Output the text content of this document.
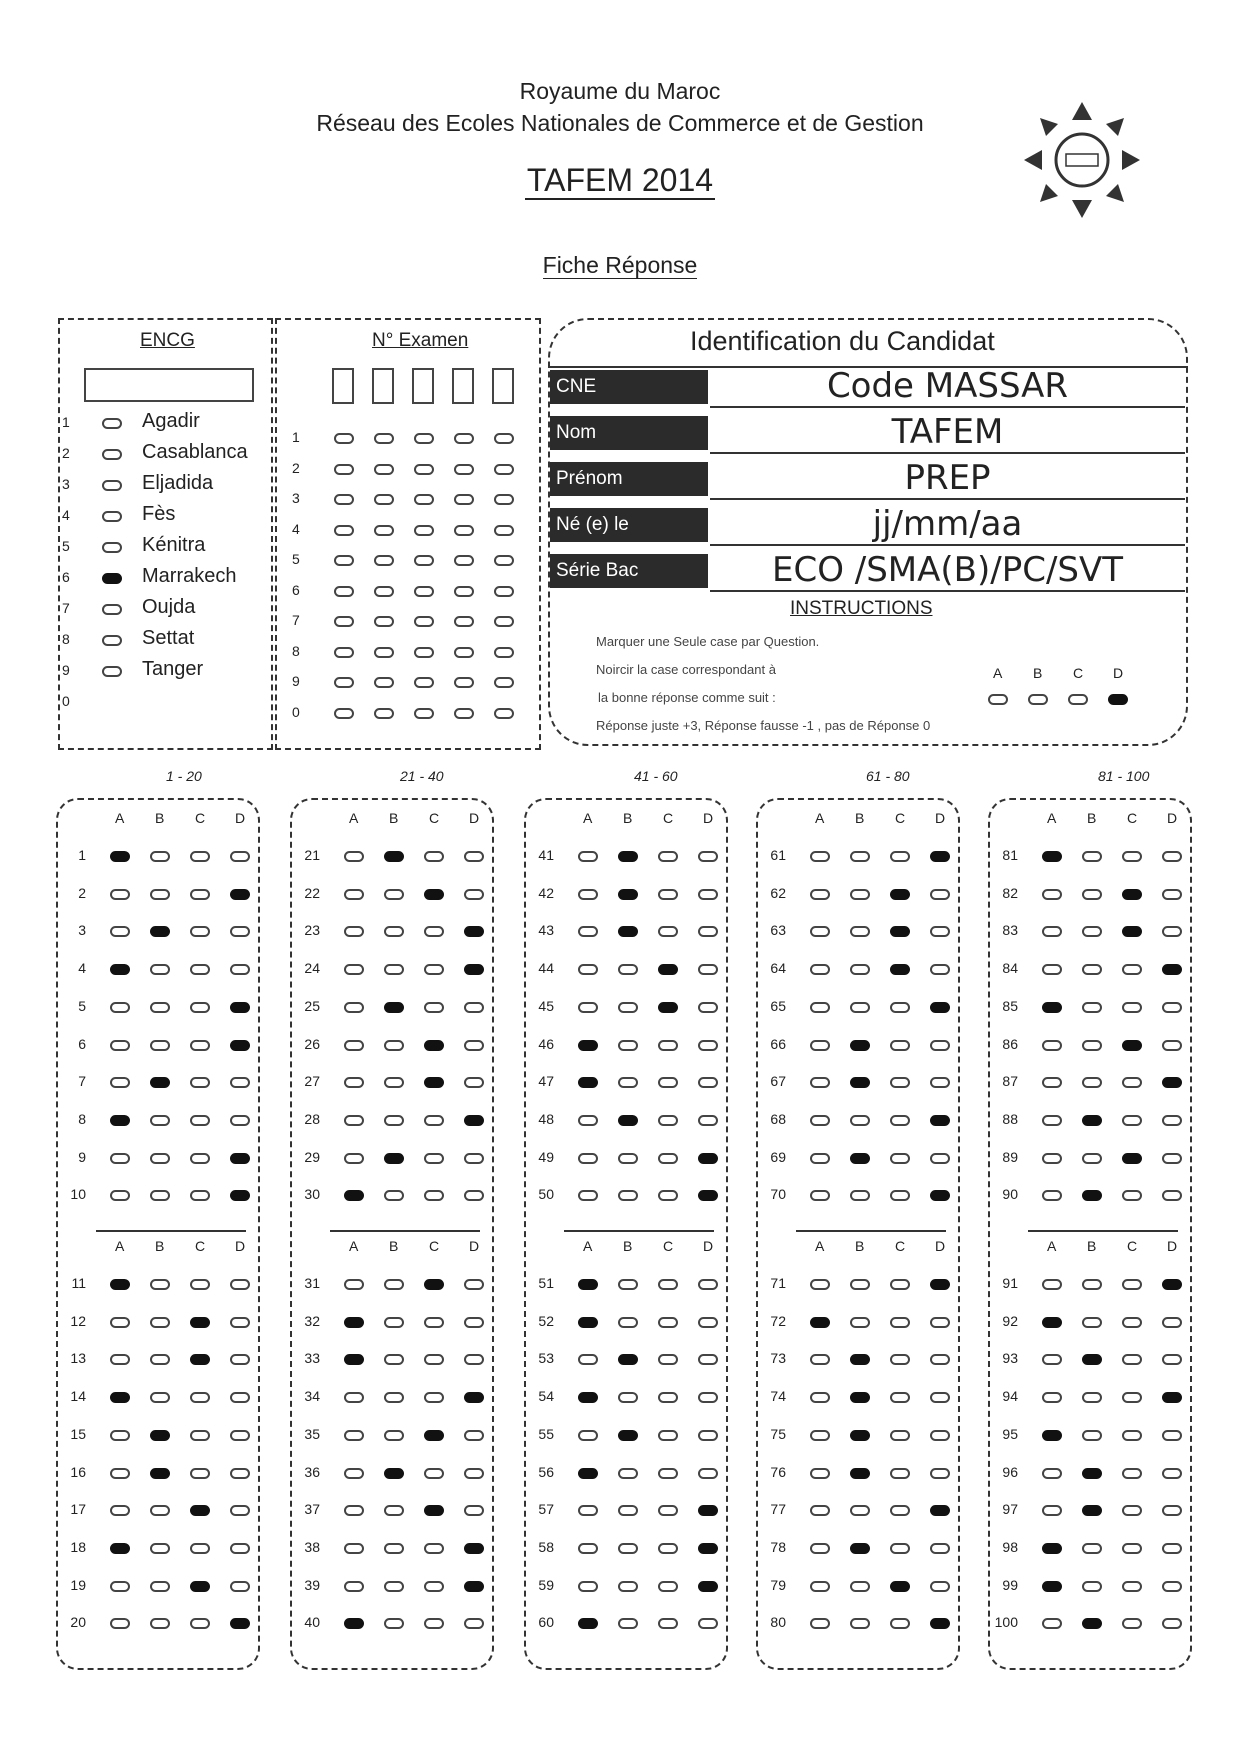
Royaume du Maroc
Réseau des Ecoles Nationales de Commerce et de Gestion
TAFEM 2014
Fiche Réponse
ENCG
1	Agadir
2	Casablanca
3	Eljadida
4	Fès
5	Kénitra
6	Marrakech
7	Oujda
8	Settat
9	Tanger
0
N° Examen
1
2
3
4
5
6
7
8
9
0
Identification du Candidat
CNE	Code MASSAR
Nom	TAFEM
Prénom	PREP
Né (e) le	jj/mm/aa
Série Bac	ECO /SMA(B)/PC/SVT
INSTRUCTIONS
Marquer une Seule case par Question.
Noircir la case correspondant à
la bonne réponse comme suit :
Réponse juste +3, Réponse fausse -1 , pas de Réponse 0
A B C D
1 - 20
A B C D
1
2
3
4
5
6
7
8
9
10
A B C D
11
12
13
14
15
16
17
18
19
20
21 - 40
A B C D
21
22
23
24
25
26
27
28
29
30
A B C D
31
32
33
34
35
36
37
38
39
40
41 - 60
A B C D
41
42
43
44
45
46
47
48
49
50
A B C D
51
52
53
54
55
56
57
58
59
60
61 - 80
A B C D
61
62
63
64
65
66
67
68
69
70
A B C D
71
72
73
74
75
76
77
78
79
80
81 - 100
A B C D
81
82
83
84
85
86
87
88
89
90
A B C D
91
92
93
94
95
96
97
98
99
100
